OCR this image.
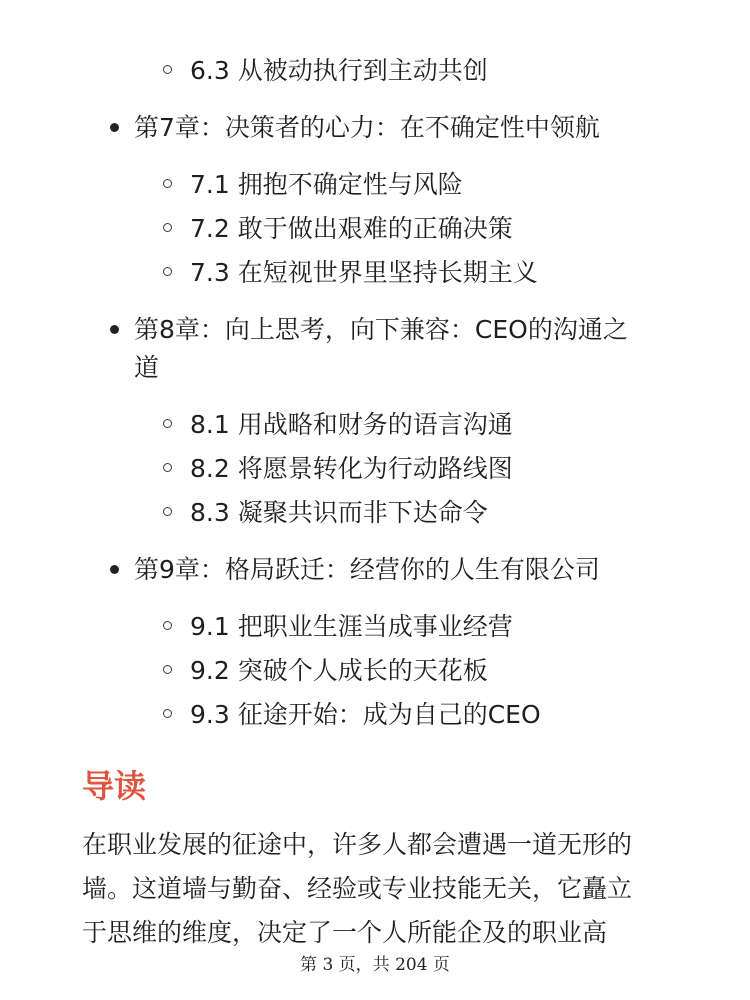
6.3 从被动执行到主动共创
第7章：决策者的心力：在不确定性中领航
7.1 拥抱不确定性与风险
7.2 敢于做出艰难的正确决策
7.3 在短视世界里坚持长期主义
第8章：向上思考，向下兼容：CEO的沟通之
道
8.1 用战略和财务的语言沟通
8.2 将愿景转化为行动路线图
8.3 凝聚共识而非下达命令
第9章：格局跃迁：经营你的人生有限公司
9.1 把职业生涯当成事业经营
9.2 突破个人成长的天花板
9.3 征途开始：成为自己的CEO
导读
在职业发展的征途中，许多人都会遭遇一道无形的
墙。这道墙与勤奋、经验或专业技能无关，它矗立
于思维的维度，决定了一个人所能企及的职业高
第 3 页，共 204 页
